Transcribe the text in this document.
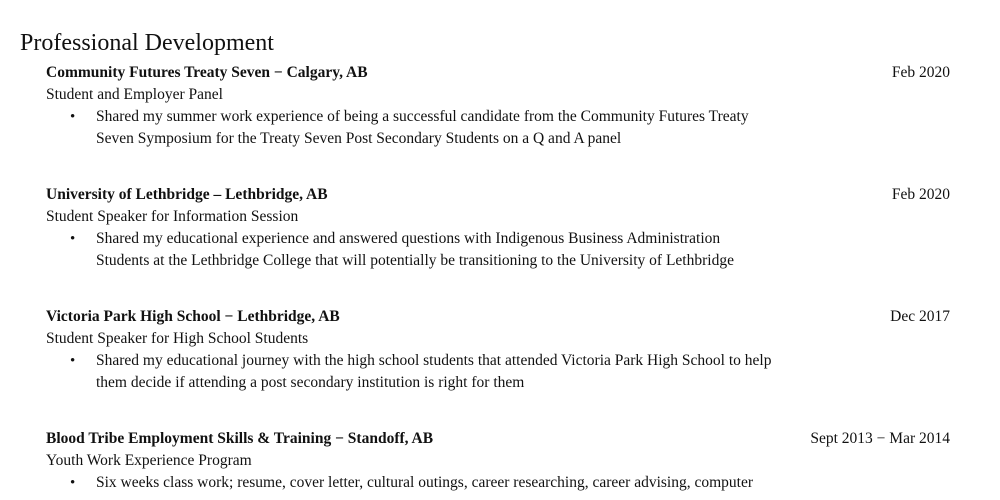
Professional Development
Community Futures Treaty Seven − Calgary, AB	Feb 2020
Student and Employer Panel
• Shared my summer work experience of being a successful candidate from the Community Futures Treaty
Seven Symposium for the Treaty Seven Post Secondary Students on a Q and A panel
University of Lethbridge – Lethbridge, AB	Feb 2020
Student Speaker for Information Session
• Shared my educational experience and answered questions with Indigenous Business Administration
Students at the Lethbridge College that will potentially be transitioning to the University of Lethbridge
Victoria Park High School − Lethbridge, AB	Dec 2017
Student Speaker for High School Students
• Shared my educational journey with the high school students that attended Victoria Park High School to help
them decide if attending a post secondary institution is right for them
Blood Tribe Employment Skills & Training − Standoff, AB	Sept 2013 − Mar 2014
Youth Work Experience Program
• Six weeks class work; resume, cover letter, cultural outings, career researching, career advising, computer
